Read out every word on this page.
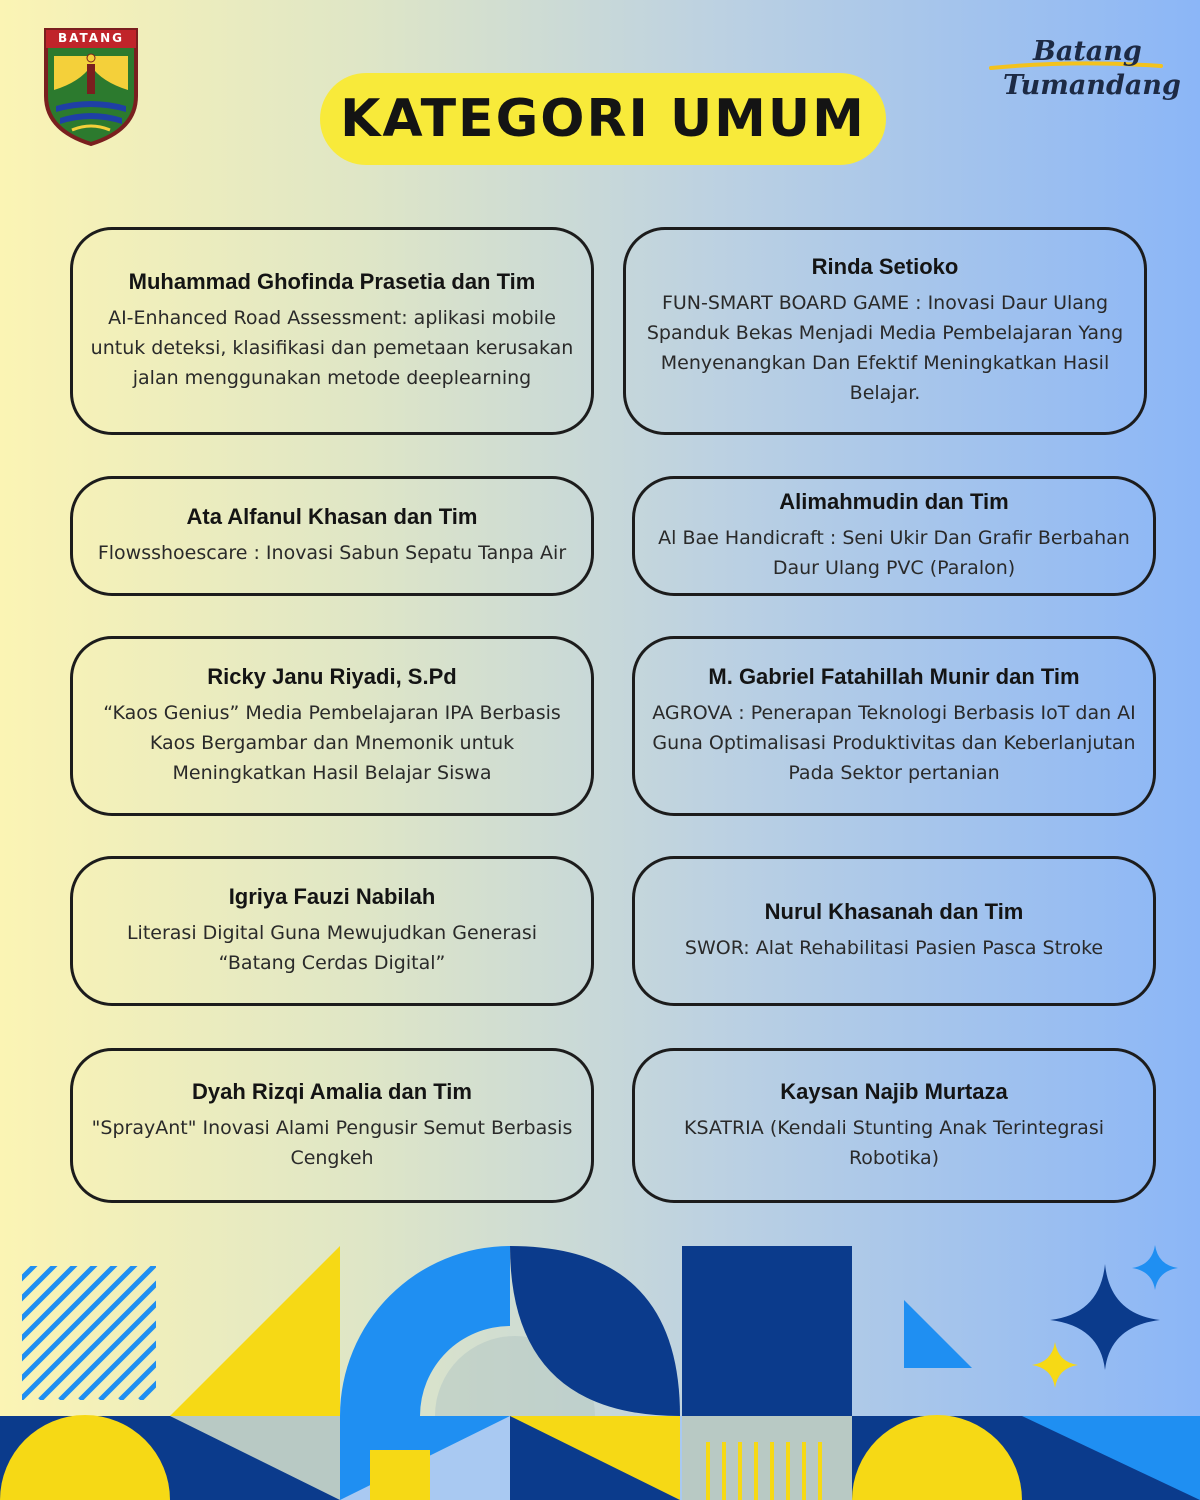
BATANG	Batang
Tumandang
KATEGORI UMUM
Muhammad Ghofinda Prasetia dan Tim
AI-Enhanced Road Assessment: aplikasi mobile untuk deteksi, klasifikasi dan pemetaan kerusakan jalan menggunakan metode deeplearning
Rinda Setioko
FUN-SMART BOARD GAME : Inovasi Daur Ulang Spanduk Bekas Menjadi Media Pembelajaran Yang Menyenangkan Dan Efektif Meningkatkan Hasil Belajar.
Ata Alfanul Khasan dan Tim
Flowsshoescare : Inovasi Sabun Sepatu Tanpa Air
Alimahmudin dan Tim
Al Bae Handicraft : Seni Ukir Dan Grafir Berbahan Daur Ulang PVC (Paralon)
Ricky Janu Riyadi, S.Pd
“Kaos Genius” Media Pembelajaran IPA Berbasis Kaos Bergambar dan Mnemonik untuk Meningkatkan Hasil Belajar Siswa
M. Gabriel Fatahillah Munir dan Tim
AGROVA : Penerapan Teknologi Berbasis IoT dan AI Guna Optimalisasi Produktivitas dan Keberlanjutan Pada Sektor pertanian
Igriya Fauzi Nabilah
Literasi Digital Guna Mewujudkan Generasi “Batang Cerdas Digital”
Nurul Khasanah dan Tim
SWOR: Alat Rehabilitasi Pasien Pasca Stroke
Dyah Rizqi Amalia dan Tim
"SprayAnt" Inovasi Alami Pengusir Semut Berbasis Cengkeh
Kaysan Najib Murtaza
KSATRIA (Kendali Stunting Anak Terintegrasi Robotika)
